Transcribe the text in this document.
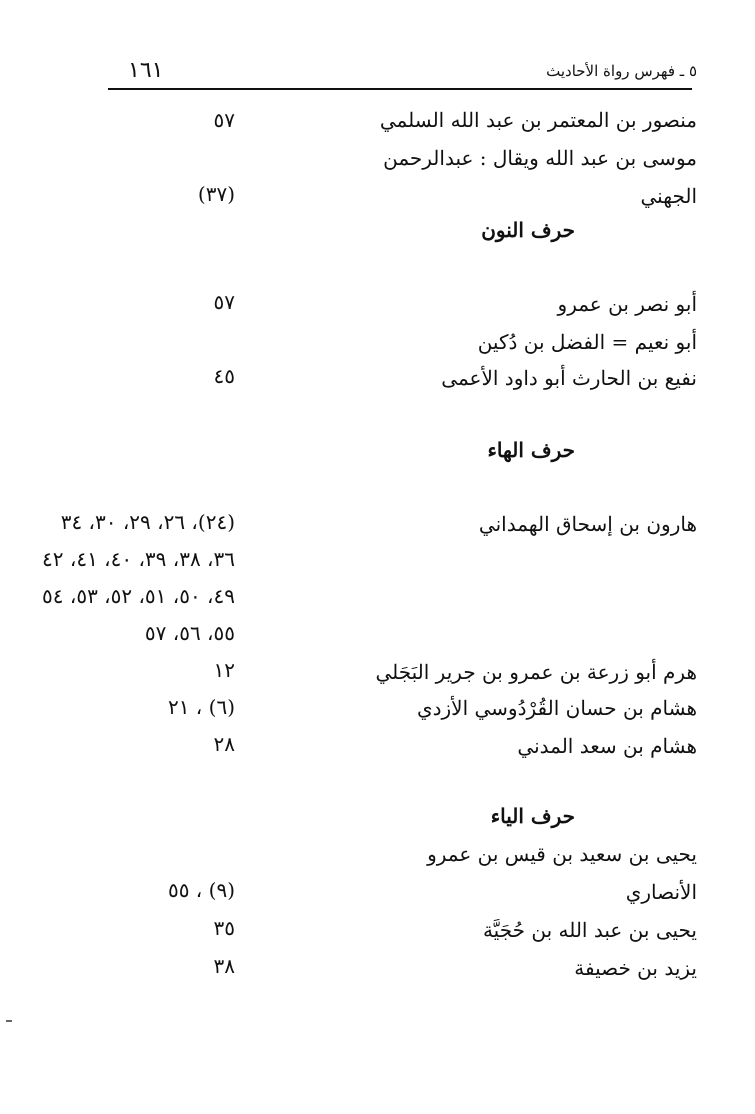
١٦١	٥ ـ فهرس رواة الأحاديث
منصور بن المعتمر بن عبد الله السلمي
٥٧
موسى بن عبد الله ويقال : عبدالرحمن
الجهني
(٣٧)
حرف النون
أبو نصر بن عمرو
٥٧
أبو نعيم = الفضل بن دُكين
نفيع بن الحارث أبو داود الأعمى
٤٥
حرف الهاء
هارون بن إسحاق الهمداني
(٢٤)، ٢٦، ٢٩، ٣٠، ٣٤
٣٦، ٣٨، ٣٩، ٤٠، ٤١، ٤٢
٤٩، ٥٠، ٥١، ٥٢، ٥٣، ٥٤
٥٥، ٥٦، ٥٧
هرم أبو زرعة بن عمرو بن جرير البَجَلي
١٢
هشام بن حسان القُرْدُوسي الأزدي
(٦) ، ٢١
هشام بن سعد المدني
٢٨
حرف الياء
يحيى بن سعيد بن قيس بن عمرو
الأنصاري
(٩) ، ٥٥
يحيى بن عبد الله بن حُجَيَّة
٣٥
يزيد بن خصيفة
٣٨
